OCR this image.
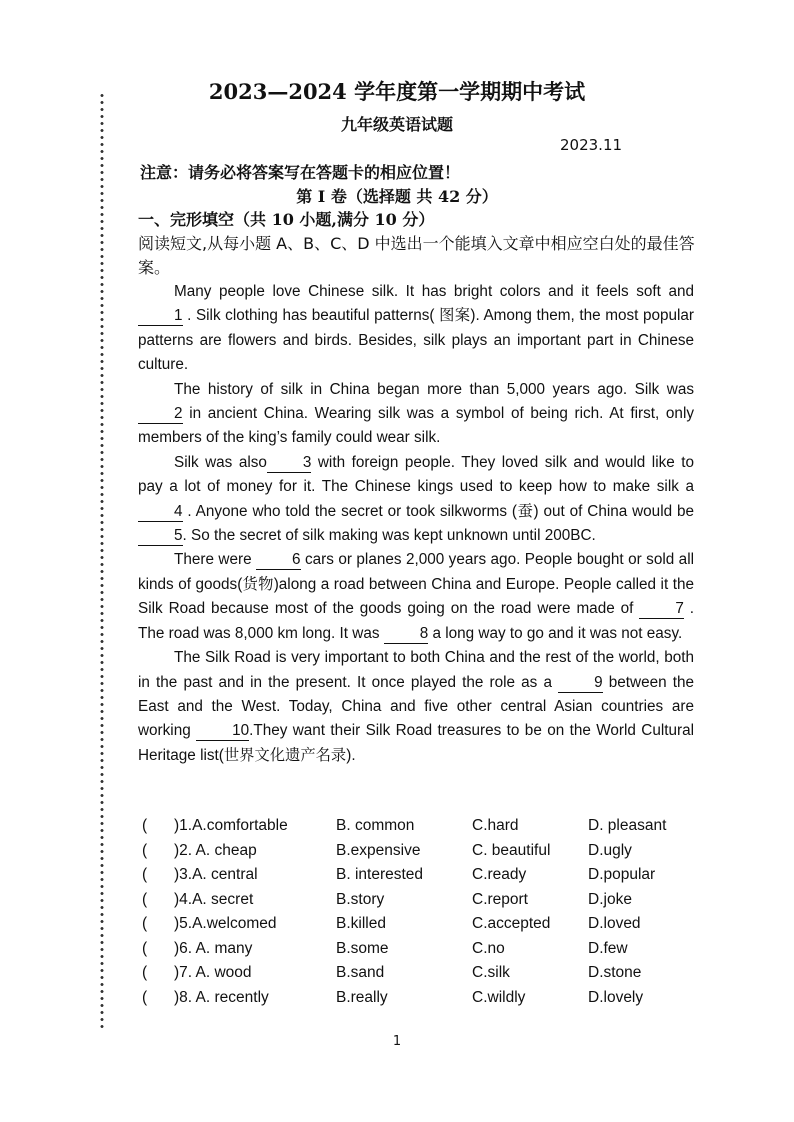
2023—2024 学年度第一学期期中考试
九年级英语试题
2023.11
注意：请务必将答案写在答题卡的相应位置！
第 I 卷（选择题 共 42 分）
一、完形填空（共 10 小题,满分 10 分）
阅读短文,从每小题 A、B、C、D 中选出一个能填入文章中相应空白处的最佳答案。

Many people love Chinese silk. It has bright colors and it feels soft and 1 . Silk clothing has beautiful patterns( 图案). Among them, the most popular patterns are flowers and birds. Besides, silk plays an important part in Chinese culture.

The history of silk in China began more than 5,000 years ago. Silk was2 in ancient China. Wearing silk was a symbol of being rich. At first, only members of the king’s family could wear silk.

Silk was also 3 with foreign people. They loved silk and would like to pay a lot of money for it. The Chinese kings used to keep how to make silk a4 . Anyone who told the secret or took silkworms (蚕) out of China would be5. So the secret of silk making was kept unknown until 200BC.

There were 6 cars or planes 2,000 years ago. People bought or sold all kinds of goods(货物)along a road between China and Europe. People called it the Silk Road because most of the goods going on the road were made of 7 . The road was 8,000 km long. It was 8 a long way to go and it was not easy.

The Silk Road is very important to both China and the rest of the world, both in the past and in the present. It once played the role as a 9 between the East and the West. Today, China and five other central Asian countries are working 10.They want their Silk Road treasures to be on the World Cultural Heritage list(世界文化遗产名录).

( )1.A.comfortable	B. common	C.hard	D. pleasant
( )2. A. cheap	B.expensive	C. beautiful D.ugly
( )3.A. central	B. interested	C.ready	D.popular
( )4.A. secret	B.story	C.report	D.joke
( )5.A.welcomed	B.killed	C.accepted D.loved
( )6. A. many	B.some	C.no	D.few
( )7. A. wood	B.sand	C.silk	D.stone
( )8. A. recently	B.really	C.wildly	D.lovely
1
